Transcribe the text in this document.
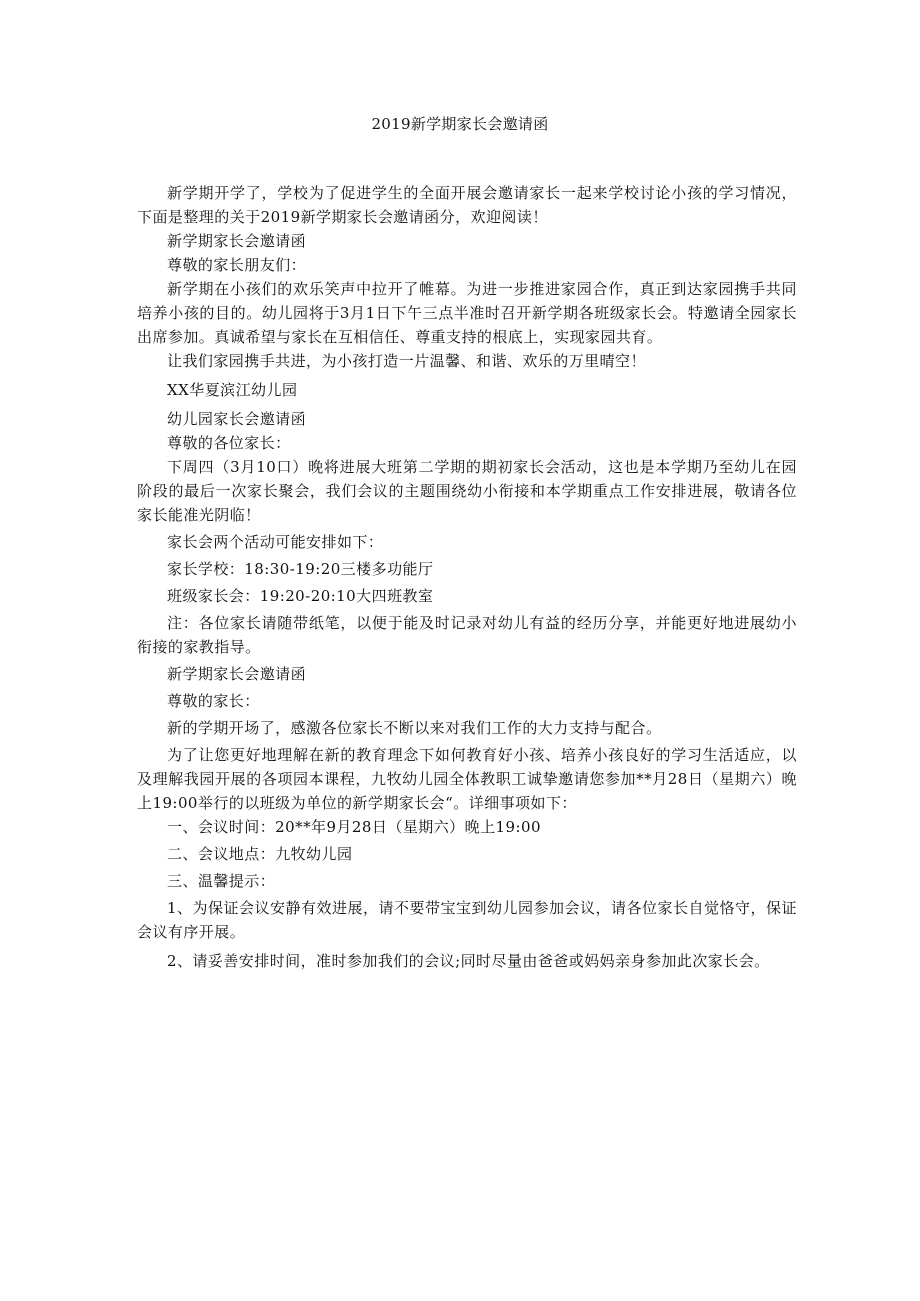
2019新学期家长会邀请函

新学期开学了，学校为了促进学生的全面开展会邀请家长一起来学校讨论小孩的学习情况，下面是整理的关于2019新学期家长会邀请函分，欢迎阅读！

新学期家长会邀请函

尊敬的家长朋友们：

新学期在小孩们的欢乐笑声中拉开了帷幕。为进一步推进家园合作，真正到达家园携手共同培养小孩的目的。幼儿园将于3月1日下午三点半准时召开新学期各班级家长会。特邀请全园家长出席参加。真诚希望与家长在互相信任、尊重支持的根底上，实现家园共育。

让我们家园携手共进，为小孩打造一片温馨、和谐、欢乐的万里晴空！

XX华夏滨江幼儿园

幼儿园家长会邀请函

尊敬的各位家长：

下周四（3月10口）晚将进展大班第二学期的期初家长会活动，这也是本学期乃至幼儿在园阶段的最后一次家长聚会，我们会议的主题围绕幼小衔接和本学期重点工作安排进展，敬请各位家长能准光阴临！

家长会两个活动可能安排如下：

家长学校：18:30-19:20三楼多功能厅

班级家长会：19:20-20:10大四班教室

注：各位家长请随带纸笔，以便于能及时记录对幼儿有益的经历分享，并能更好地进展幼小衔接的家教指导。

新学期家长会邀请函

尊敬的家长：

新的学期开场了，感激各位家长不断以来对我们工作的大力支持与配合。

为了让您更好地理解在新的教育理念下如何教育好小孩、培养小孩良好的学习生活适应，以及理解我园开展的各项园本课程，九牧幼儿园全体教职工诚挚邀请您参加**月28日（星期六）晚上19:00举行的以班级为单位的新学期家长会“。详细事项如下：

一、会议时间：20**年9月28日（星期六）晚上19:00

二、会议地点：九牧幼儿园

三、温馨提示：

1、为保证会议安静有效进展，请不要带宝宝到幼儿园参加会议，请各位家长自觉恪守，保证会议有序开展。

2、请妥善安排时间，准时参加我们的会议;同时尽量由爸爸或妈妈亲身参加此次家长会。
